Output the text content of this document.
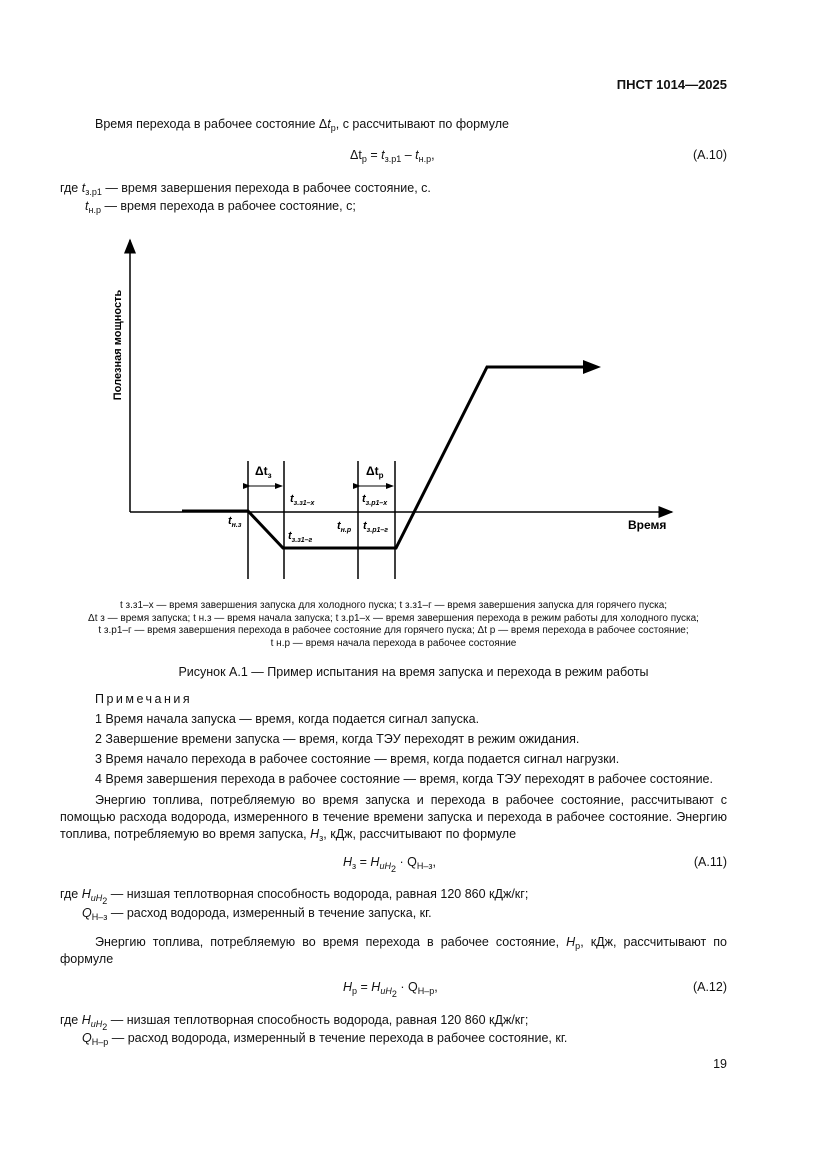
ПНСТ 1014—2025
Время перехода в рабочее состояние $\Delta t_р$, с рассчитывают по формуле
$\Delta t_р = t_{з.р1} - t_{н.р}$,	(A.10)
где $t_{з.р1}$ — время завершения перехода в рабочее состояние, с.
$t_{н.р}$ — время перехода в рабочее состояние, с;
Полезная мощность
Время
$\Delta t_з$	$\Delta t_р$
$t_{з.з1-х}$
$t_{н.з}$
$t_{з.з1-г}$
$t_{н.р}$
$t_{з.р1-х}$
$t_{з.р1-г}$
t з.з1–х — время завершения запуска для холодного пуска; t з.з1–г — время завершения запуска для горячего пуска;
Δt з — время запуска; t н.з — время начала запуска; t з.р1–х — время завершения перехода в режим работы для холодного пуска;
t з.р1–г — время завершения перехода в рабочее состояние для горячего пуска; Δt р — время перехода в рабочее состояние;
t н.р — время начала перехода в рабочее состояние
Рисунок A.1 — Пример испытания на время запуска и перехода в режим работы
Примечания
1 Время начала запуска — время, когда подается сигнал запуска.
2 Завершение времени запуска — время, когда ТЭУ переходят в режим ожидания.
3 Время начало перехода в рабочее состояние — время, когда подается сигнал нагрузки.
4 Время завершения перехода в рабочее состояние — время, когда ТЭУ переходят в рабочее состояние.
Энергию топлива, потребляемую во время запуска и перехода в рабочее состояние, рассчитывают с помощью расхода водорода, измеренного в течение времени запуска и перехода в рабочее состояние. Энергию топлива, потребляемую во время запуска, $H_з$, кДж, рассчитывают по формуле
$H_з = H_{uH_2} \cdot Q_{H-з}$,	(A.11)
где $H_{uH_2}$ — низшая теплотворная способность водорода, равная 120 860 кДж/кг;
$Q_{H-з}$ — расход водорода, измеренный в течение запуска, кг.
Энергию топлива, потребляемую во время перехода в рабочее состояние, $H_р$, кДж, рассчитывают по формуле
$H_р = H_{uH_2} \cdot Q_{H-р}$,	(A.12)
где $H_{uH_2}$ — низшая теплотворная способность водорода, равная 120 860 кДж/кг;
$Q_{H-р}$ — расход водорода, измеренный в течение перехода в рабочее состояние, кг.
19
